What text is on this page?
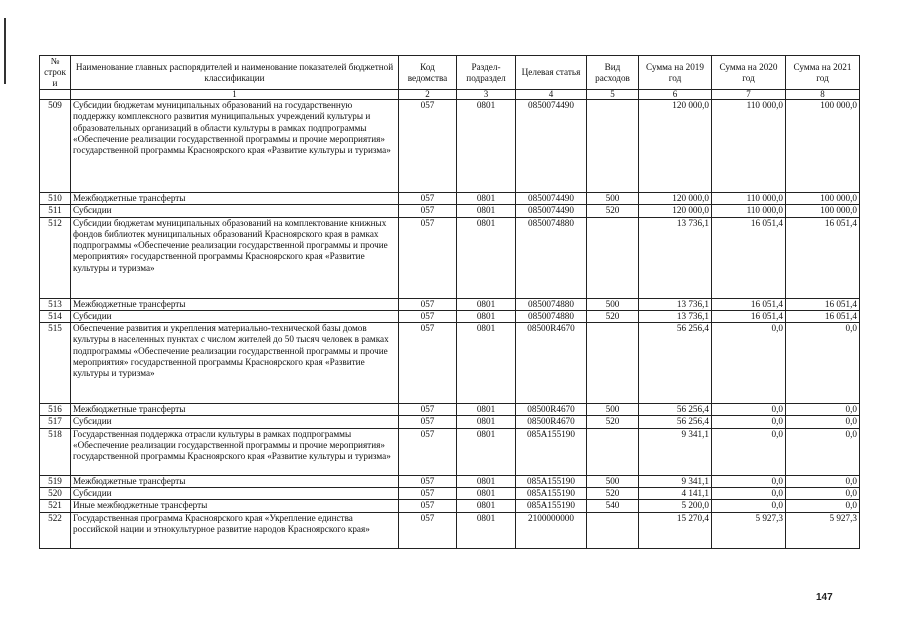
№ строки	Наименование главных распорядителей и наименование показателей бюджетной классификации	Код ведомства	Раздел-подраздел	Целевая статья	Вид расходов	Сумма на 2019 год	Сумма на 2020 год	Сумма на 2021 год
	1	2	3	4	5	6	7	8
509	Субсидии бюджетам муниципальных образований на государственную поддержку комплексного развития муниципальных учреждений культуры и образовательных организаций в области культуры в рамках подпрограммы «Обеспечение реализации государственной программы и прочие мероприятия» государственной программы Красноярского края «Развитие культуры и туризма»	057	0801	0850074490		120 000,0	110 000,0	100 000,0
510	Межбюджетные трансферты	057	0801	0850074490	500	120 000,0	110 000,0	100 000,0
511	Субсидии	057	0801	0850074490	520	120 000,0	110 000,0	100 000,0
512	Субсидии бюджетам муниципальных образований на комплектование книжных фондов библиотек муниципальных образований Красноярского края в рамках подпрограммы «Обеспечение реализации государственной программы и прочие мероприятия» государственной программы Красноярского края «Развитие культуры и туризма»	057	0801	0850074880		13 736,1	16 051,4	16 051,4
513	Межбюджетные трансферты	057	0801	0850074880	500	13 736,1	16 051,4	16 051,4
514	Субсидии	057	0801	0850074880	520	13 736,1	16 051,4	16 051,4
515	Обеспечение развития и укрепления материально-технической базы домов культуры в населенных пунктах с числом жителей до 50 тысяч человек в рамках подпрограммы «Обеспечение реализации государственной программы и прочие мероприятия» государственной программы Красноярского края «Развитие культуры и туризма»	057	0801	08500R4670		56 256,4	0,0	0,0
516	Межбюджетные трансферты	057	0801	08500R4670	500	56 256,4	0,0	0,0
517	Субсидии	057	0801	08500R4670	520	56 256,4	0,0	0,0
518	Государственная поддержка отрасли культуры в рамках подпрограммы «Обеспечение реализации государственной программы и прочие мероприятия» государственной программы Красноярского края «Развитие культуры и туризма»	057	0801	085A155190		9 341,1	0,0	0,0
519	Межбюджетные трансферты	057	0801	085A155190	500	9 341,1	0,0	0,0
520	Субсидии	057	0801	085A155190	520	4 141,1	0,0	0,0
521	Иные межбюджетные трансферты	057	0801	085A155190	540	5 200,0	0,0	0,0
522	Государственная программа Красноярского края «Укрепление единства российской нации и этнокультурное развитие народов Красноярского края»	057	0801	2100000000		15 270,4	5 927,3	5 927,3
147
